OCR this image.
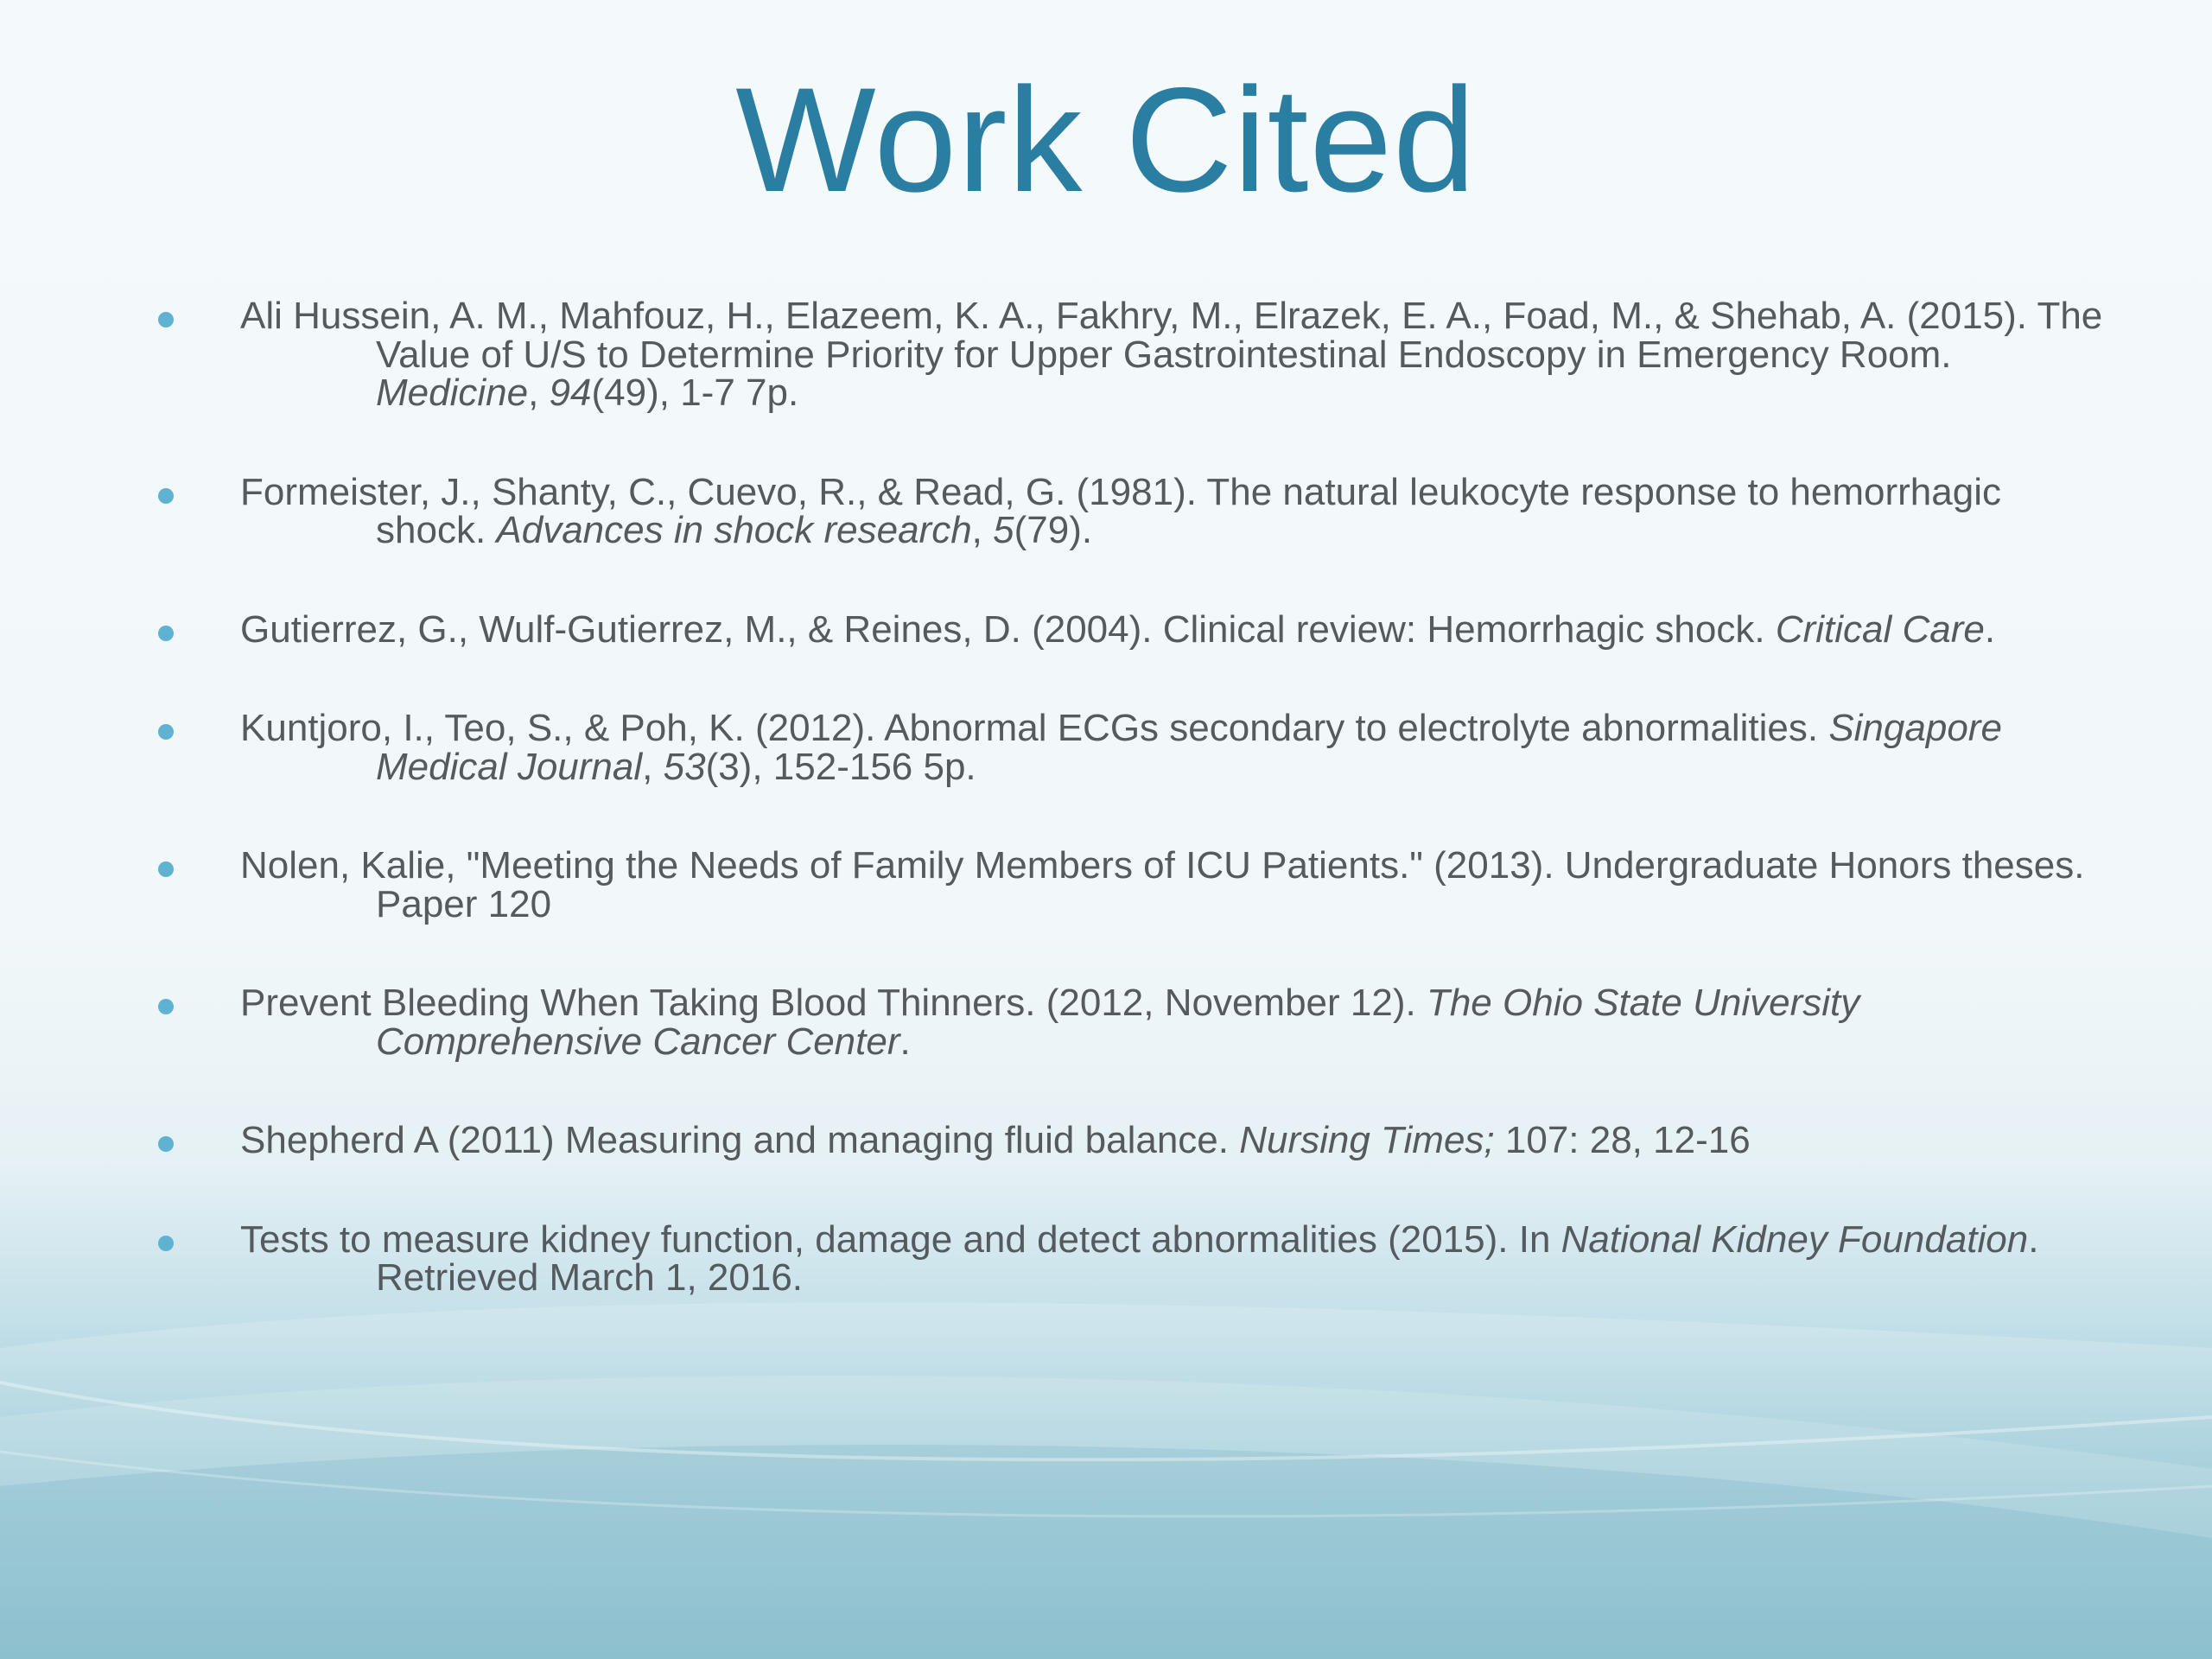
Work Cited
Ali Hussein, A. M., Mahfouz, H., Elazeem, K. A., Fakhry, M., Elrazek, E. A., Foad, M., & Shehab, A. (2015). The Value of U/S to Determine Priority for Upper Gastrointestinal Endoscopy in Emergency Room. Medicine, 94(49), 1-7 7p.
Formeister, J., Shanty, C., Cuevo, R., & Read, G. (1981). The natural leukocyte response to hemorrhagic shock. Advances in shock research, 5(79).
Gutierrez, G., Wulf-Gutierrez, M., & Reines, D. (2004). Clinical review: Hemorrhagic shock. Critical Care.
Kuntjoro, I., Teo, S., & Poh, K. (2012). Abnormal ECGs secondary to electrolyte abnormalities. Singapore Medical Journal, 53(3), 152-156 5p.
Nolen, Kalie, "Meeting the Needs of Family Members of ICU Patients." (2013). Undergraduate Honors theses. Paper 120
Prevent Bleeding When Taking Blood Thinners. (2012, November 12). The Ohio State University Comprehensive Cancer Center.
Shepherd A (2011) Measuring and managing fluid balance. Nursing Times; 107: 28, 12-16
Tests to measure kidney function, damage and detect abnormalities (2015). In National Kidney Foundation. Retrieved March 1, 2016.
